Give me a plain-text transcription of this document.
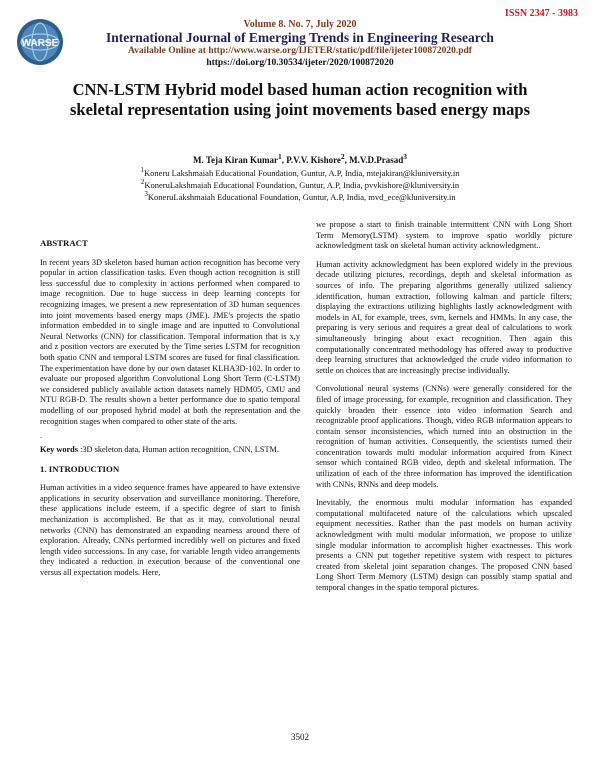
WARSE
ISSN 2347 - 3983
Volume 8. No. 7, July 2020
International Journal of Emerging Trends in Engineering Research
Available Online at http://www.warse.org/IJETER/static/pdf/file/ijeter100872020.pdf
https://doi.org/10.30534/ijeter/2020/100872020
CNN-LSTM Hybrid model based human action recognition with skeletal representation using joint movements based energy maps
M. Teja Kiran Kumar$^1$, P.V.V. Kishore$^2$, M.V.D.Prasad$^3$
$^1$Koneru Lakshmaiah Educational Foundation, Guntur, A.P, India, mtejakiran@kluniversity.in
$^2$KoneruLakshmaiah Educational Foundation, Guntur, A.P, India, pvvkishore@kluniversity.in
$^3$KoneruLakshmaiah Educational Foundation, Guntur, A.P, India, mvd_ece@kluniversity.in
ABSTRACT

In recent years 3D skeleton based human action recognition has become very popular in action classification tasks. Even though action recognition is still less successful due to complexity in actions performed when compared to image recognition. Due to huge success in deep learning concepts for recognizing images, we present a new representation of 3D human sequences into joint movements based energy maps (JME). JME's projects the spatio information embedded in to single image and are inputted to Convolutional Neural Networks (CNN) for classification. Temporal information that is x,y and z position vectors are executed by the Time series LSTM for recognition both spatio CNN and temporal LSTM scores are fused for final classification. The experimentation have done by our own dataset KLHA3D-102. In order to evaluate our proposed algorithm Convolutional Long Short Term (C-LSTM) we considered publicly available action datasets namely HDM05, CMU and NTU RGB-D. The results shown a better performance due to spatio temporal modelling of our proposed hybrid model at both the representation and the recognition stages when compared to other state of the arts.

.

Key words :3D skeleton data, Human action recognition, CNN, LSTM.

1. INTRODUCTION

Human activities in a video sequence frames have appeared to have extensive applications in security observation and surveillance monitoring. Therefore, these applications include esteem, if a specific degree of start to finish mechanization is accomplished. Be that as it may, convolutional neural networks (CNN) has demonstrated an expanding nearness around there of exploration. Already, CNNs performed incredibly well on pictures and fixed length video successions. In any case, for variable length video arrangements they indicated a reduction in execution because of the conventional one versus all expectation models. Here,

we propose a start to finish trainable intermittent CNN with Long Short Term Memory(LSTM) system to improve spatio worldly picture acknowledgment task on skeletal human activity acknowledgment..

Human activity acknowledgment has been explored widely in the previous decade utilizing pictures, recordings, depth and skeletal information as sources of info. The preparing algorithms generally utilized saliency identification, human extraction, following kalman and particle filters; displaying the extractions utilizing highlights lastly acknowledgment with models in AI, for example, trees, svm, kernels and HMMs. In any case, the preparing is very serious and requires a great deal of calculations to work simultaneously bringing about exact recognition. Then again this computationally concentrated methodology has offered away to productive deep learning structures that acknowledged the crude video information to settle on choices that are increasingly precise individually.

Convolutional neural systems (CNNs) were generally considered for the filed of image processing, for example, recognition and classification. They quickly broaden their essence into video information Search and recognizable proof applications. Though, video RGB information appears to contain sensor inconsistencies, which turned into an obstruction in the recognition of human activities. Consequently, the scientists turned their concentration towards multi modular information acquired from Kinect sensor which contained RGB video, depth and skeletal information. The utilization of each of the three information has improved the identification with CNNs, RNNs and deep models.

Inevitably, the enormous multi modular information has expanded computational multifaceted nature of the calculations which upscaled equipment necessities. Rather than the past models on human activity acknowledgment with multi modular information, we propose to utilize single modular information to accomplish higher exactnesses. This work presents a CNN put together repetitive system with respect to pictures created from skeletal joint separation changes. The proposed CNN based Long Short Term Memory (LSTM) design can possibly stamp spatial and temporal changes in the spatio temporal pictures.

3502
